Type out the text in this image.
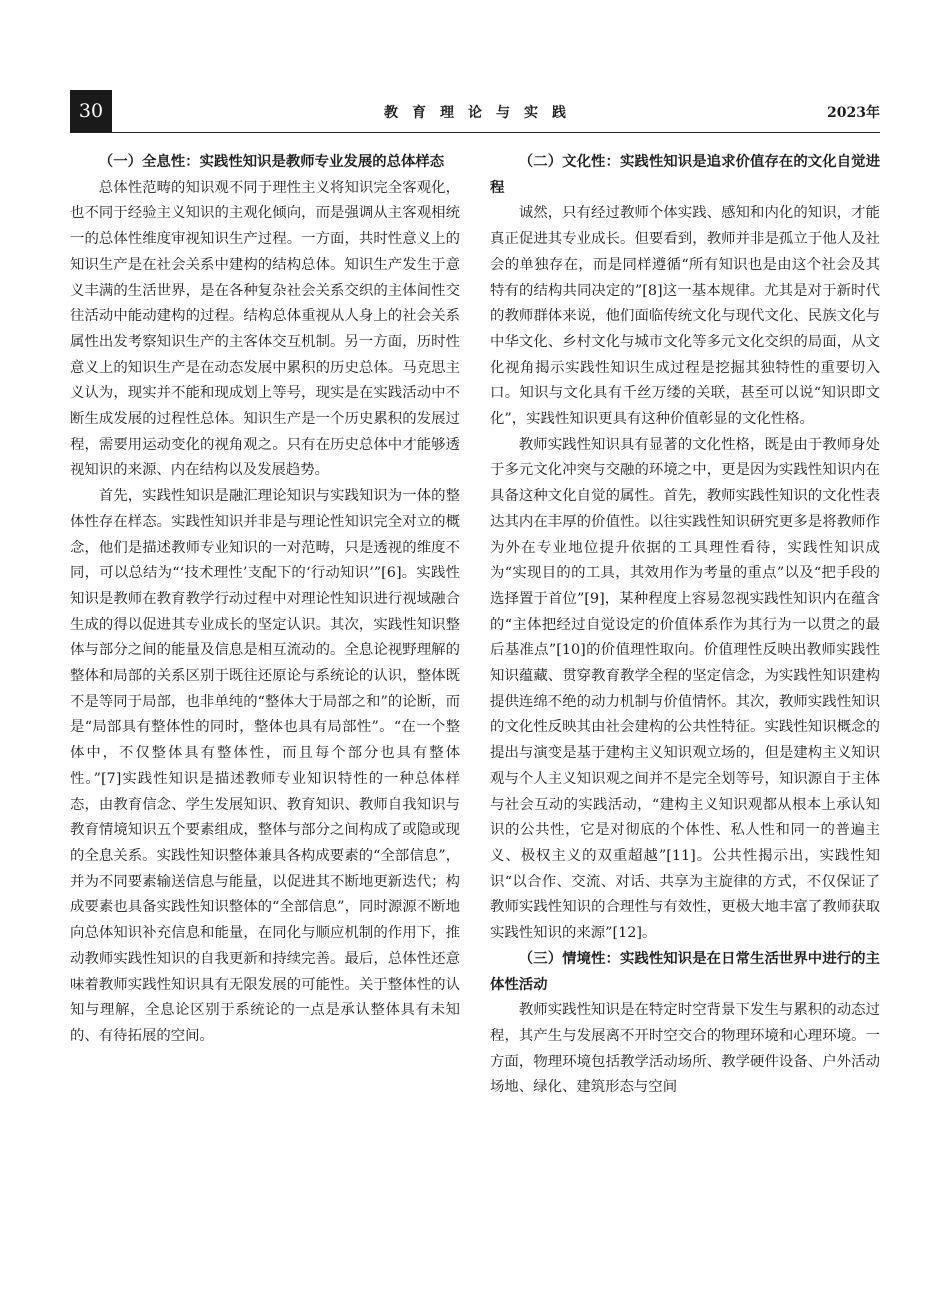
30	教育理论与实践	2023年
（一）全息性：实践性知识是教师专业发展的总体样态

总体性范畴的知识观不同于理性主义将知识完全客观化，也不同于经验主义知识的主观化倾向，而是强调从主客观相统一的总体性维度审视知识生产过程。一方面，共时性意义上的知识生产是在社会关系中建构的结构总体。知识生产发生于意义丰满的生活世界，是在各种复杂社会关系交织的主体间性交往活动中能动建构的过程。结构总体重视从人身上的社会关系属性出发考察知识生产的主客体交互机制。另一方面，历时性意义上的知识生产是在动态发展中累积的历史总体。马克思主义认为，现实并不能和现成划上等号，现实是在实践活动中不断生成发展的过程性总体。知识生产是一个历史累积的发展过程，需要用运动变化的视角观之。只有在历史总体中才能够透视知识的来源、内在结构以及发展趋势。

首先，实践性知识是融汇理论知识与实践知识为一体的整体性存在样态。实践性知识并非是与理论性知识完全对立的概念，他们是描述教师专业知识的一对范畴，只是透视的维度不同，可以总结为“‘技术理性’支配下的‘行动知识’”[6]。实践性知识是教师在教育教学行动过程中对理论性知识进行视域融合生成的得以促进其专业成长的坚定认识。其次，实践性知识整体与部分之间的能量及信息是相互流动的。全息论视野理解的整体和局部的关系区别于既往还原论与系统论的认识，整体既不是等同于局部，也非单纯的“整体大于局部之和”的论断，而是“局部具有整体性的同时，整体也具有局部性”。“在一个整体中，不仅整体具有整体性，而且每个部分也具有整体性。”[7]实践性知识是描述教师专业知识特性的一种总体样态，由教育信念、学生发展知识、教育知识、教师自我知识与教育情境知识五个要素组成，整体与部分之间构成了或隐或现的全息关系。实践性知识整体兼具各构成要素的“全部信息”，并为不同要素输送信息与能量，以促进其不断地更新迭代；构成要素也具备实践性知识整体的“全部信息”，同时源源不断地向总体知识补充信息和能量，在同化与顺应机制的作用下，推动教师实践性知识的自我更新和持续完善。最后，总体性还意味着教师实践性知识具有无限发展的可能性。关于整体性的认知与理解，全息论区别于系统论的一点是承认整体具有未知的、有待拓展的空间。

（二）文化性：实践性知识是追求价值存在的文化自觉进程

诚然，只有经过教师个体实践、感知和内化的知识，才能真正促进其专业成长。但要看到，教师并非是孤立于他人及社会的单独存在，而是同样遵循“所有知识也是由这个社会及其特有的结构共同决定的”[8]这一基本规律。尤其是对于新时代的教师群体来说，他们面临传统文化与现代文化、民族文化与中华文化、乡村文化与城市文化等多元文化交织的局面，从文化视角揭示实践性知识生成过程是挖掘其独特性的重要切入口。知识与文化具有千丝万缕的关联，甚至可以说“知识即文化”，实践性知识更具有这种价值彰显的文化性格。

教师实践性知识具有显著的文化性格，既是由于教师身处于多元文化冲突与交融的环境之中，更是因为实践性知识内在具备这种文化自觉的属性。首先，教师实践性知识的文化性表达其内在丰厚的价值性。以往实践性知识研究更多是将教师作为外在专业地位提升依据的工具理性看待，实践性知识成为“实现目的的工具，其效用作为考量的重点”以及“把手段的选择置于首位”[9]，某种程度上容易忽视实践性知识内在蕴含的“主体把经过自觉设定的价值体系作为其行为一以贯之的最后基准点”[10]的价值理性取向。价值理性反映出教师实践性知识蕴藏、贯穿教育教学全程的坚定信念，为实践性知识建构提供连绵不绝的动力机制与价值情怀。其次，教师实践性知识的文化性反映其由社会建构的公共性特征。实践性知识概念的提出与演变是基于建构主义知识观立场的，但是建构主义知识观与个人主义知识观之间并不是完全划等号，知识源自于主体与社会互动的实践活动，“建构主义知识观都从根本上承认知识的公共性，它是对彻底的个体性、私人性和同一的普遍主义、极权主义的双重超越”[11]。公共性揭示出，实践性知识“以合作、交流、对话、共享为主旋律的方式，不仅保证了教师实践性知识的合理性与有效性，更极大地丰富了教师获取实践性知识的来源”[12]。

（三）情境性：实践性知识是在日常生活世界中进行的主体性活动

教师实践性知识是在特定时空背景下发生与累积的动态过程，其产生与发展离不开时空交合的物理环境和心理环境。一方面，物理环境包括教学活动场所、教学硬件设备、户外活动场地、绿化、建筑形态与空间
